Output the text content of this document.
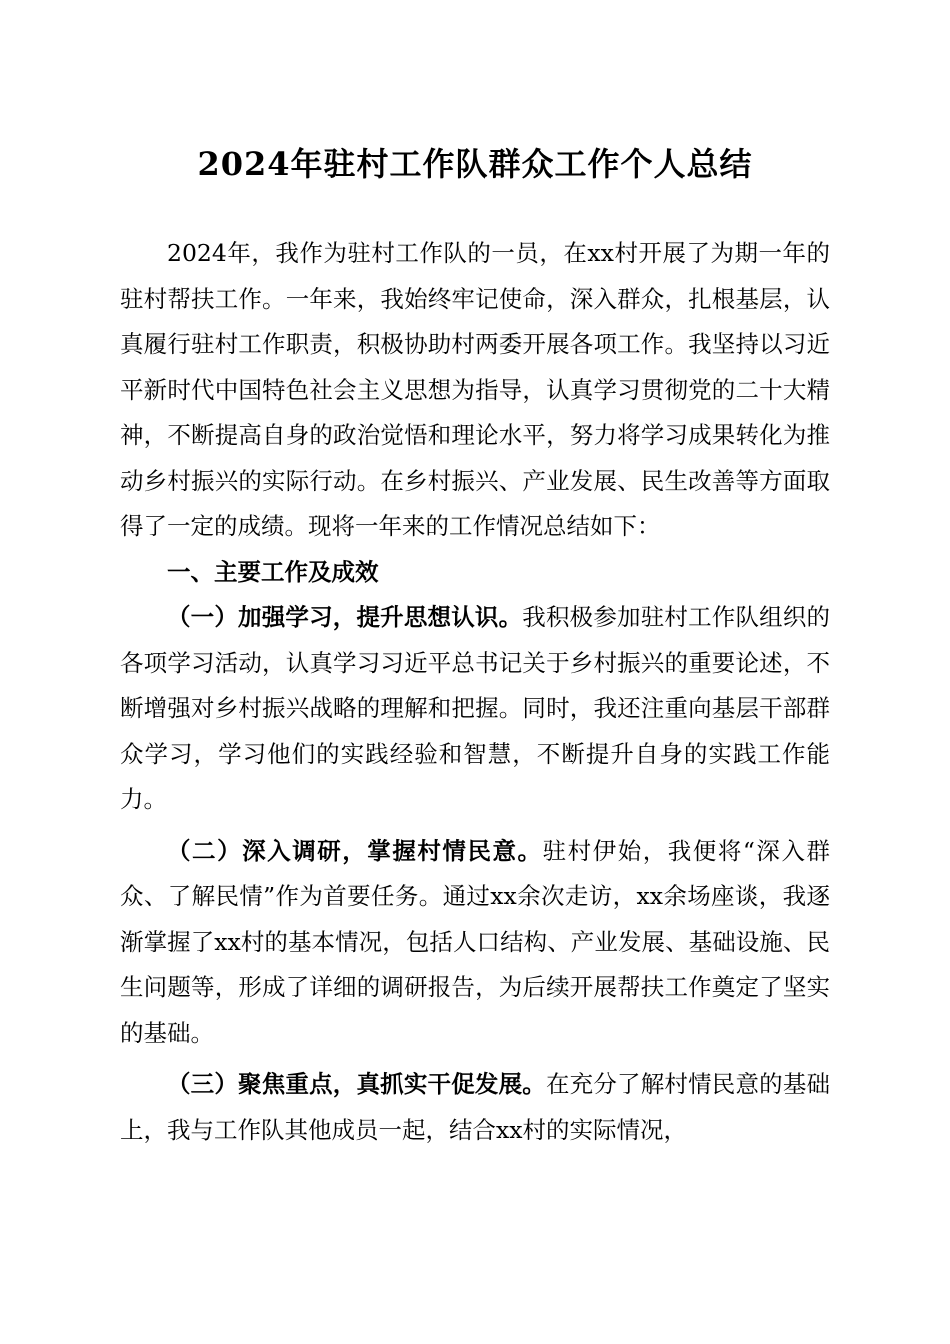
2024年驻村工作队群众工作个人总结

2024年，我作为驻村工作队的一员，在xx村开展了为期一年的驻村帮扶工作。一年来，我始终牢记使命，深入群众，扎根基层，认真履行驻村工作职责，积极协助村两委开展各项工作。我坚持以习近平新时代中国特色社会主义思想为指导，认真学习贯彻党的二十大精神，不断提高自身的政治觉悟和理论水平，努力将学习成果转化为推动乡村振兴的实际行动。在乡村振兴、产业发展、民生改善等方面取得了一定的成绩。现将一年来的工作情况总结如下：

一、主要工作及成效

（一）加强学习，提升思想认识。我积极参加驻村工作队组织的各项学习活动，认真学习习近平总书记关于乡村振兴的重要论述，不断增强对乡村振兴战略的理解和把握。同时，我还注重向基层干部群众学习，学习他们的实践经验和智慧，不断提升自身的实践工作能力。

（二）深入调研，掌握村情民意。驻村伊始，我便将“深入群众、了解民情”作为首要任务。通过xx余次走访，xx余场座谈，我逐渐掌握了xx村的基本情况，包括人口结构、产业发展、基础设施、民生问题等，形成了详细的调研报告，为后续开展帮扶工作奠定了坚实的基础。

（三）聚焦重点，真抓实干促发展。在充分了解村情民意的基础上，我与工作队其他成员一起，结合xx村的实际情况，
